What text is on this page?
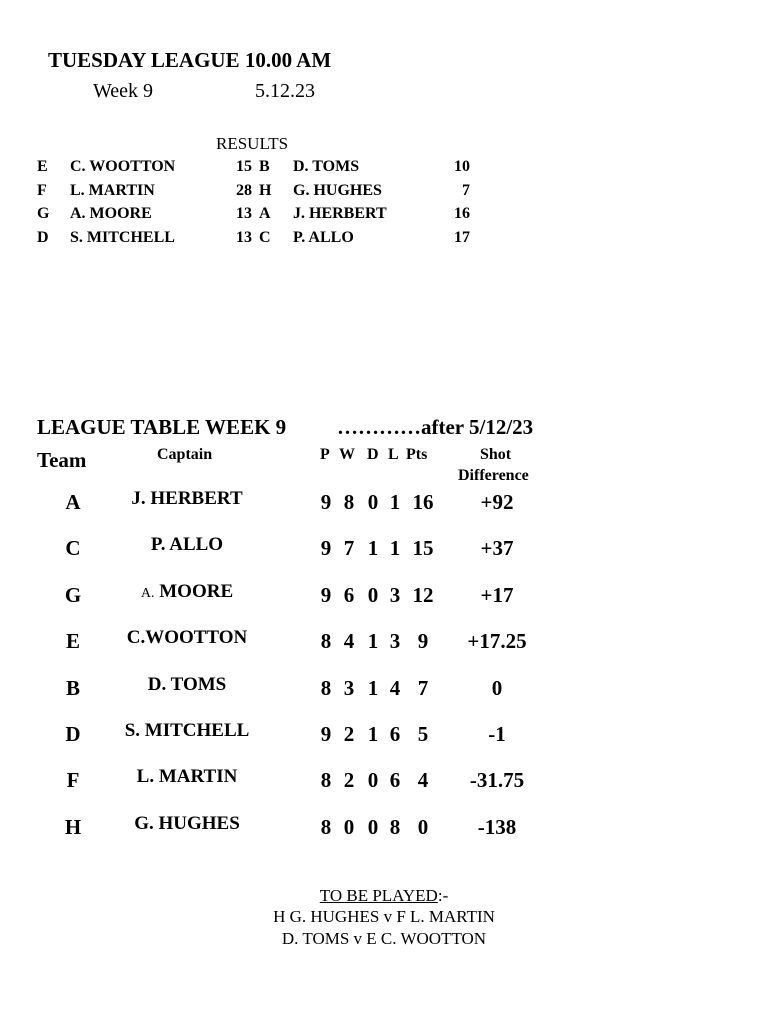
TUESDAY LEAGUE 10.00 AM
Week 9	5.12.23
RESULTS
E C. WOOTTON	15 B D. TOMS	10
F L. MARTIN	28 H G. HUGHES	7
G A. MOORE	13 A J. HERBERT	16
D S. MITCHELL	13 C P. ALLO	17
LEAGUE TABLE WEEK 9 …………after 5/12/23
Team	Captain	P W D L Pts	Shot
Difference
A	J. HERBERT	9 8 0 1 16	+92
C	P. ALLO	9 7 1 1 15	+37
G	A. MOORE	9 6 0 3 12	+17
E	C.WOOTTON	8 4 1 3 9	+17.25
B	D. TOMS	8 3 1 4 7	0
D	S. MITCHELL	9 2 1 6 5	-1
F	L. MARTIN	8 2 0 6 4	-31.75
H	G. HUGHES	8 0 0 8 0	-138
TO BE PLAYED:-
H G. HUGHES v F L. MARTIN
D. TOMS v E C. WOOTTON
